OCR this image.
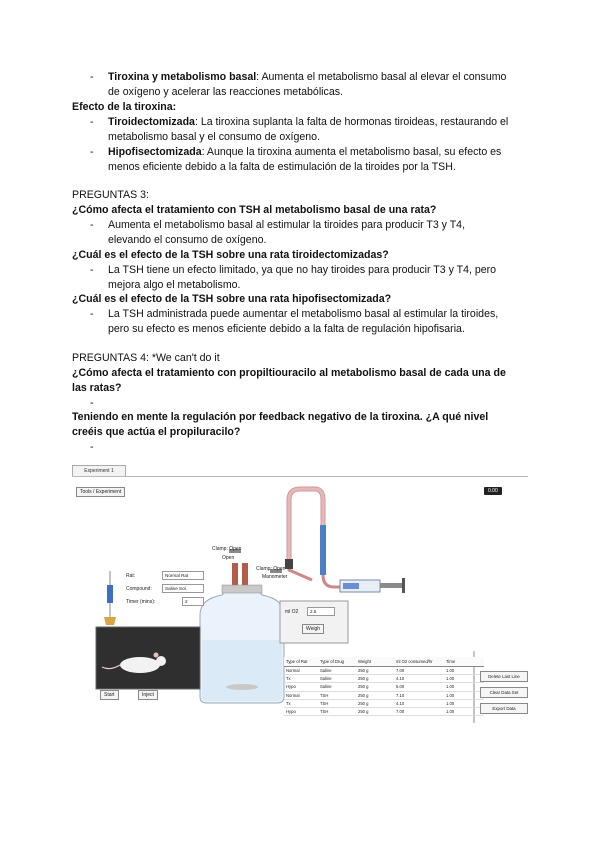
- Tiroxina y metabolismo basal: Aumenta el metabolismo basal al elevar el consumo
de oxígeno y acelerar las reacciones metabólicas.
Efecto de la tiroxina:
- Tiroidectomizada: La tiroxina suplanta la falta de hormonas tiroideas, restaurando el
metabolismo basal y el consumo de oxígeno.
- Hipofisectomizada: Aunque la tiroxina aumenta el metabolismo basal, su efecto es
menos eficiente debido a la falta de estimulación de la tiroides por la TSH.
PREGUNTAS 3:
¿Cómo afecta el tratamiento con TSH al metabolismo basal de una rata?
- Aumenta el metabolismo basal al estimular la tiroides para producir T3 y T4,
elevando el consumo de oxígeno.
¿Cuál es el efecto de la TSH sobre una rata tiroidectomizadas?
- La TSH tiene un efecto limitado, ya que no hay tiroides para producir T3 y T4, pero
mejora algo el metabolismo.
¿Cuál es el efecto de la TSH sobre una rata hipofisectomizada?
- La TSH administrada puede aumentar el metabolismo basal al estimular la tiroides,
pero su efecto es menos eficiente debido a la falta de regulación hipofisaria.
PREGUNTAS 4: *We can't do it
¿Cómo afecta el tratamiento con propiltiouracilo al metabolismo basal de cada una de
las ratas?
-
Teniendo en mente la regulación por feedback negativo de la tiroxina. ¿A qué nivel
creéis que actúa el propiluracilo?
-
Experiment 1
Tools / Experiment	0.00
Clamp: Open
Open
Clamp: Open
Manometer
Rat:	Normal Rat
Compound:	Saline Sol.
Timer (mins):	2
ml O2	2.5
Weigh
Start	Inject
Type of Rat	Type of Drug	Weight	ml O2 consumed/hr	Time
Normal	Saline	250 g	7.00	1.00
Tx	Saline	250 g	4.10	1.00
Hypo	Saline	250 g	5.00	1.00
Normal	TSH	250 g	7.10	1.00
Tx	TSH	250 g	4.10	1.00
Hypo	TSH	250 g	7.00	1.00
Delete Last Line
Clear Data Set
Export Data
